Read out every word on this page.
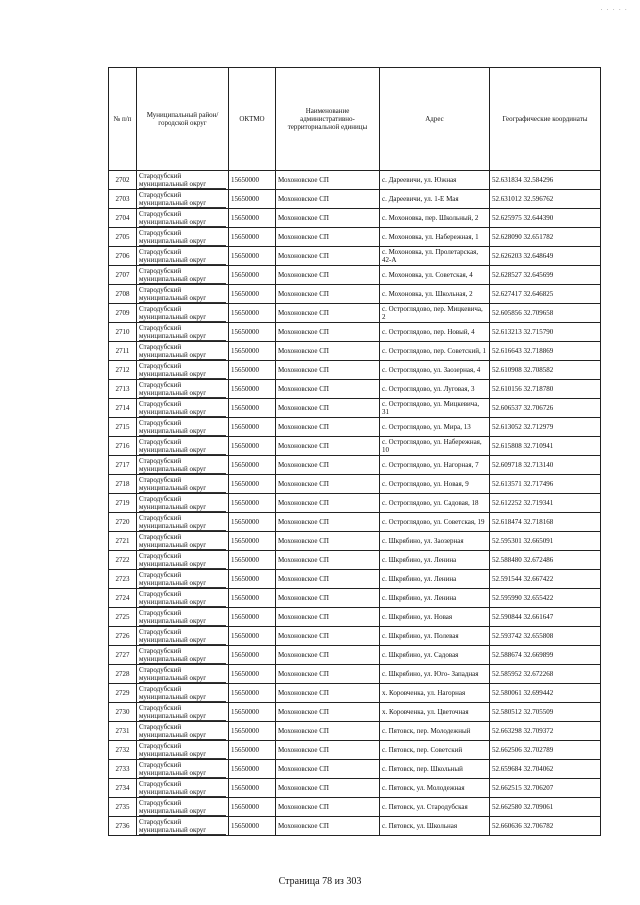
· · · · ·
№ п/п	Муниципальный район/городской округ	ОКТМО	Наименование административно-территориальной единицы	Адрес	Географические координаты
2702	Стародубский муниципальный округ	15650000	Мохоновское СП	с. Дареевичи, ул. Южная	52.631834 32.584296
2703	Стародубский муниципальный округ	15650000	Мохоновское СП	с. Дареевичи, ул. 1-Е Мая	52.631012 32.596762
2704	Стародубский муниципальный округ	15650000	Мохоновское СП	с. Мохоновка, пер. Школьный, 2	52.625975 32.644390
2705	Стародубский муниципальный округ	15650000	Мохоновское СП	с. Мохоновка, ул. Набережная, 1	52.628090 32.651782
2706	Стародубский муниципальный округ	15650000	Мохоновское СП	с. Мохоновка, ул. Пролетарская, 42-А	52.626203 32.648649
2707	Стародубский муниципальный округ	15650000	Мохоновское СП	с. Мохоновка, ул. Советская, 4	52.628527 32.645699
2708	Стародубский муниципальный округ	15650000	Мохоновское СП	с. Мохоновка, ул. Школьная, 2	52.627417 32.646825
2709	Стародубский муниципальный округ	15650000	Мохоновское СП	с. Остроглядово, пер. Мицкевича, 2	52.605856 32.709658
2710	Стародубский муниципальный округ	15650000	Мохоновское СП	с. Остроглядово, пер. Новый, 4	52.613213 32.715790
2711	Стародубский муниципальный округ	15650000	Мохоновское СП	с. Остроглядово, пер. Советский, 1	52.616643 32.718869
2712	Стародубский муниципальный округ	15650000	Мохоновское СП	с. Остроглядово, ул. Заозерная, 4	52.610908 32.708582
2713	Стародубский муниципальный округ	15650000	Мохоновское СП	с. Остроглядово, ул. Луговая, 3	52.610156 32.718780
2714	Стародубский муниципальный округ	15650000	Мохоновское СП	с. Остроглядово, ул. Мицкевича, 31	52.606537 32.706726
2715	Стародубский муниципальный округ	15650000	Мохоновское СП	с. Остроглядово, ул. Мира, 13	52.613052 32.712979
2716	Стародубский муниципальный округ	15650000	Мохоновское СП	с. Остроглядово, ул. Набережная, 10	52.615808 32.710941
2717	Стародубский муниципальный округ	15650000	Мохоновское СП	с. Остроглядово, ул. Нагорная, 7	52.609718 32.713140
2718	Стародубский муниципальный округ	15650000	Мохоновское СП	с. Остроглядово, ул. Новая, 9	52.613571 32.717496
2719	Стародубский муниципальный округ	15650000	Мохоновское СП	с. Остроглядово, ул. Садовая, 18	52.612252 32.719341
2720	Стародубский муниципальный округ	15650000	Мохоновское СП	с. Остроглядово, ул. Советская, 19	52.618474 32.718168
2721	Стародубский муниципальный округ	15650000	Мохоновское СП	с. Шкрябино, ул. Заозерная	52.595301 32.665091
2722	Стародубский муниципальный округ	15650000	Мохоновское СП	с. Шкрябино, ул. Ленина	52.588480 32.672486
2723	Стародубский муниципальный округ	15650000	Мохоновское СП	с. Шкрябино, ул. Ленина	52.591544 32.667422
2724	Стародубский муниципальный округ	15650000	Мохоновское СП	с. Шкрябино, ул. Ленина	52.595990 32.655422
2725	Стародубский муниципальный округ	15650000	Мохоновское СП	с. Шкрябино, ул. Новая	52.590844 32.661647
2726	Стародубский муниципальный округ	15650000	Мохоновское СП	с. Шкрябино, ул. Полевая	52.593742 32.655808
2727	Стародубский муниципальный округ	15650000	Мохоновское СП	с. Шкрябино, ул. Садовая	52.588674 32.669899
2728	Стародубский муниципальный округ	15650000	Мохоновское СП	с. Шкрябино, ул. Юго- Западная	52.585952 32.672268
2729	Стародубский муниципальный округ	15650000	Мохоновское СП	х. Коровченка, ул. Нагорная	52.580061 32.699442
2730	Стародубский муниципальный округ	15650000	Мохоновское СП	х. Коровченка, ул. Цветочная	52.580512 32.705509
2731	Стародубский муниципальный округ	15650000	Мохоновское СП	с. Пятовск, пер. Молодежный	52.663298 32.709372
2732	Стародубский муниципальный округ	15650000	Мохоновское СП	с. Пятовск, пер. Советский	52.662506 32.702789
2733	Стародубский муниципальный округ	15650000	Мохоновское СП	с. Пятовск, пер. Школьный	52.659684 32.704062
2734	Стародубский муниципальный округ	15650000	Мохоновское СП	с. Пятовск, ул. Молодежная	52.662515 32.706207
2735	Стародубский муниципальный округ	15650000	Мохоновское СП	с. Пятовск, ул. Стародубская	52.662580 32.709061
2736	Стародубский муниципальный округ	15650000	Мохоновское СП	с. Пятовск, ул. Школьная	52.660636 32.706782
Страница 78 из 303
